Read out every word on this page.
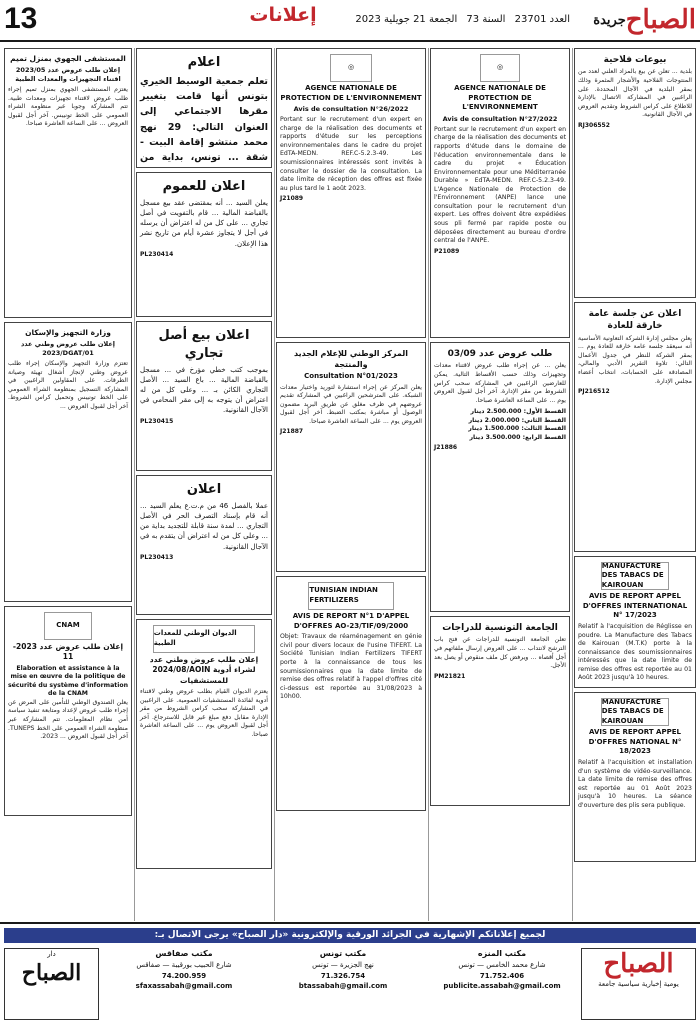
13	إعلانات	العدد 23701 السنة 73 الجمعة 21 جويلية 2023	جريدة الصباح
بيوعات فلاحية
بلدية ... تعلن عن بيع بالمزاد العلني لعدد من المنتوجات الفلاحية والأشجار المثمرة وذلك بمقر البلدية في الآجال المحددة. على الراغبين في المشاركة الاتصال بالإدارة للاطلاع على كراس الشروط وتقديم العروض في الآجال القانونية.
RJ306552
اعلان عن جلسة عامة خارقة للعادة
يعلن مجلس إدارة الشركة التعاونية الأساسية أنه سيعقد جلسة عامة خارقة للعادة يوم ... بمقر الشركة للنظر في جدول الأعمال التالي: تلاوة التقرير الأدبي والمالي، المصادقة على الحسابات، انتخاب أعضاء مجلس الإدارة.
PJ216512
MANUFACTURE DES TABACS DE KAIROUAN
AVIS DE REPORT APPEL D'OFFRES INTERNATIONAL N° 17/2023
Relatif à l'acquisition de Réglisse en poudre. La Manufacture des Tabacs de Kairouan (M.T.K) porte à la connaissance des soumissionnaires intéressés que la date limite de remise des offres est reportée au 01 Août 2023 jusqu'à 10 heures.
MANUFACTURE DES TABACS DE KAIROUAN
AVIS DE REPORT APPEL D'OFFRES NATIONAL N° 18/2023
Relatif à l'acquisition et installation d'un système de vidéo-surveillance. La date limite de remise des offres est reportée au 01 Août 2023 jusqu'à 10 heures. La séance d'ouverture des plis sera publique.
◎
AGENCE NATIONALE DE PROTECTION DE L'ENVIRONNEMENT
Avis de consultation N°27/2022
Portant sur le recrutement d'un expert en charge de la réalisation des documents et rapports d'étude dans le domaine de l'éducation environnementale dans le cadre du projet « Éducation Environnementale pour une Méditerranée Durable » EdTA-MEDN. REF.C-5.2.3-49. L'Agence Nationale de Protection de l'Environnement (ANPE) lance une consultation pour le recrutement d'un expert. Les offres doivent être expédiées sous pli fermé par rapide poste ou déposées directement au bureau d'ordre central de l'ANPE.
P21089
طلب عروض عدد 03/09
يعلن ... عن إجراء طلب عروض لاقتناء معدات وتجهيزات وذلك حسب الأقساط التالية. يمكن للعارضين الراغبين في المشاركة سحب كراس الشروط من مقر الإدارة. آخر أجل لقبول العروض يوم ... على الساعة العاشرة صباحا.
القسط الأول: 2.500.000 دينار
القسط الثاني: 2.000.000 دينار
القسط الثالث: 1.500.000 دينار
القسط الرابع: 3.500.000 دينار
J21886
الجامعة التونسية للدراجات
تعلن الجامعة التونسية للدراجات عن فتح باب الترشح لانتداب ... على العروض إرسال ملفاتهم في أجل أقصاه ... ويرفض كل ملف منقوص أو يصل بعد الأجل.
PM21821
◎
AGENCE NATIONALE DE PROTECTION DE L'ENVIRONNEMENT
Avis de consultation N°26/2022
Portant sur le recrutement d'un expert en charge de la réalisation des documents et rapports d'étude sur les perceptions environnementales dans le cadre du projet EdTA-MEDN. REF.C-5.2.3-49. Les soumissionnaires intéressés sont invités à consulter le dossier de la consultation. La date limite de réception des offres est fixée au plus tard le 1 août 2023.
J21089
المركز الوطني للإعلام الجديد والمنتجة
Consultation N°01/2023
يعلن المركز عن إجراء استشارة لتوريد واختيار معدات الشبكة. على المترشحين الراغبين في المشاركة تقديم عروضهم في ظرف مغلق عن طريق البريد مضمون الوصول أو مباشرة بمكتب الضبط. آخر أجل لقبول العروض يوم ... على الساعة العاشرة صباحا.
J21887
TUNISIAN INDIAN FERTILIZERS
AVIS DE REPORT N°1 D'APPEL D'OFFRES AO-23/TIF/09/2000
Objet: Travaux de réaménagement en génie civil pour divers locaux de l'usine TIFERT. La Société Tunisian Indian Fertilizers TIFERT porte à la connaissance de tous les soumissionnaires que la date limite de remise des offres relatif à l'appel d'offres cité ci-dessus est reportée au 31/08/2023 à 10h00.
اعلام
تعلم جمعية الوسيط الخيري بتونس أنها قامت بتغيير مقرها الاجتماعي إلى العنوان التالي: 29 نهج محمد منتشو إقامة البيت - شقة ... تونس، بداية من
اعلان للعموم
يعلن السيد ... أنه بمقتضى عقد بيع مسجل بالقباضة المالية ... قام بالتفويت في أصل تجاري ... على كل من له اعتراض أن يرسله في أجل لا يتجاوز عشرة أيام من تاريخ نشر هذا الإعلان.
PL230414
اعلان بيع أصل تجاري
بموجب كتب خطي مؤرخ في ... مسجل بالقباضة المالية ... باع السيد ... الأصل التجاري الكائن بـ ... وعلى كل من له اعتراض أن يتوجه به إلى مقر المحامي في الآجال القانونية.
PL230415
اعلان
عملا بالفصل 46 من م.ت.ع يعلم السيد ... أنه قام بإسناد التصرف الحر في الأصل التجاري ... لمدة سنة قابلة للتجديد بداية من ... وعلى كل من له اعتراض أن يتقدم به في الآجال القانونية.
PL230413
الديوان الوطني للمعدات الطبية
إعلان طلب عروض وطني عدد 2024/08/AOIN لشراء أدوية للمستشفيات
يعتزم الديوان القيام بطلب عروض وطني لاقتناء أدوية لفائدة المستشفيات العمومية. على الراغبين في المشاركة سحب كراس الشروط من مقر الإدارة مقابل دفع مبلغ غير قابل للاسترجاع. آخر أجل لقبول العروض يوم ... على الساعة العاشرة صباحا.
المستشفى الجهوي بمنزل تميم
إعلان طلب عروض عدد 2023/05 اقتناء التجهيزات والمعدات الطبية
يعتزم المستشفى الجهوي بمنزل تميم إجراء طلب عروض لاقتناء تجهيزات ومعدات طبية. تتم المشاركة وجوبا عبر منظومة الشراء العمومي على الخط تونيبس. آخر أجل لقبول العروض ... على الساعة العاشرة صباحا.
وزارة التجهيز والإسكان
إعلان طلب عروض وطني عدد 2023/DGAT/01
تعتزم وزارة التجهيز والإسكان إجراء طلب عروض وطني لإنجاز أشغال تهيئة وصيانة الطرقات. على المقاولين الراغبين في المشاركة التسجيل بمنظومة الشراء العمومي على الخط تونيبس وتحميل كراس الشروط. آخر أجل لقبول العروض ...
CNAM
إعلان طلب عروض عدد 2023-11
Elaboration et assistance à la mise en œuvre de la politique de sécurité du système d'information de la CNAM
يعلن الصندوق الوطني للتأمين على المرض عن إجراء طلب عروض لإعداد ومتابعة تنفيذ سياسة أمن نظام المعلومات. تتم المشاركة عبر منظومة الشراء العمومي على الخط TUNEPS. آخر أجل لقبول العروض ... 2023.
لجميع إعلاناتكم الإشهارية في الجرائد الورقية والإلكترونية «دار الصباح» يرجى الاتصال بـ:
الصباح
يومية إخبارية سياسية جامعة
مكتب المنزه
شارع محمد الخامس — تونس
71.752.406
publicite.assabah@gmail.com
مكتب تونس
نهج الجزيرة — تونس
71.326.754
btassabah@gmail.com
مكتب صفاقس
شارع الحبيب بورقيبة — صفاقس
74.200.959
sfaxassabah@gmail.com
دار
الصباح
